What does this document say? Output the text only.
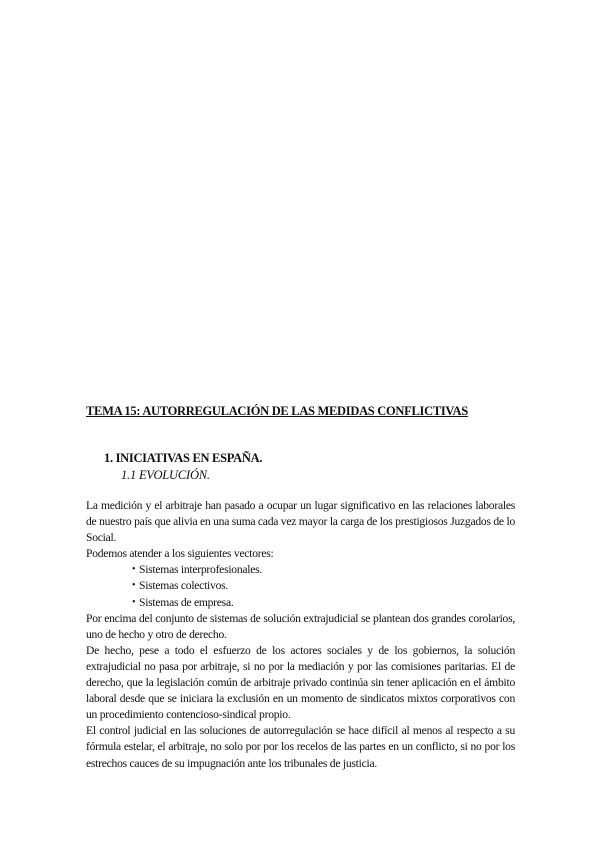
TEMA 15: AUTORREGULACIÓN DE LAS MEDIDAS CONFLICTIVAS
1. INICIATIVAS EN ESPAÑA.
1.1 EVOLUCIÓN.

La medición y el arbitraje han pasado a ocupar un lugar significativo en las relaciones laborales de nuestro país que alivia en una suma cada vez mayor la carga de los prestigiosos Juzgados de lo Social.

Podemos atender a los siguientes vectores:

• Sistemas interprofesionales.
• Sistemas colectivos.
• Sistemas de empresa.

Por encima del conjunto de sistemas de solución extrajudicial se plantean dos grandes corolarios, uno de hecho y otro de derecho.

De hecho, pese a todo el esfuerzo de los actores sociales y de los gobiernos, la solución extrajudicial no pasa por arbitraje, si no por la mediación y por las comisiones paritarias. El de derecho, que la legislación común de arbitraje privado continúa sin tener aplicación en el ámbito laboral desde que se iniciara la exclusión en un momento de sindicatos mixtos corporativos con un procedimiento contencioso-sindical propio.

El control judicial en las soluciones de autorregulación se hace difícil al menos al respecto a su fórmula estelar, el arbitraje, no solo por por los recelos de las partes en un conflicto, si no por los estrechos cauces de su impugnación ante los tribunales de justicia.
